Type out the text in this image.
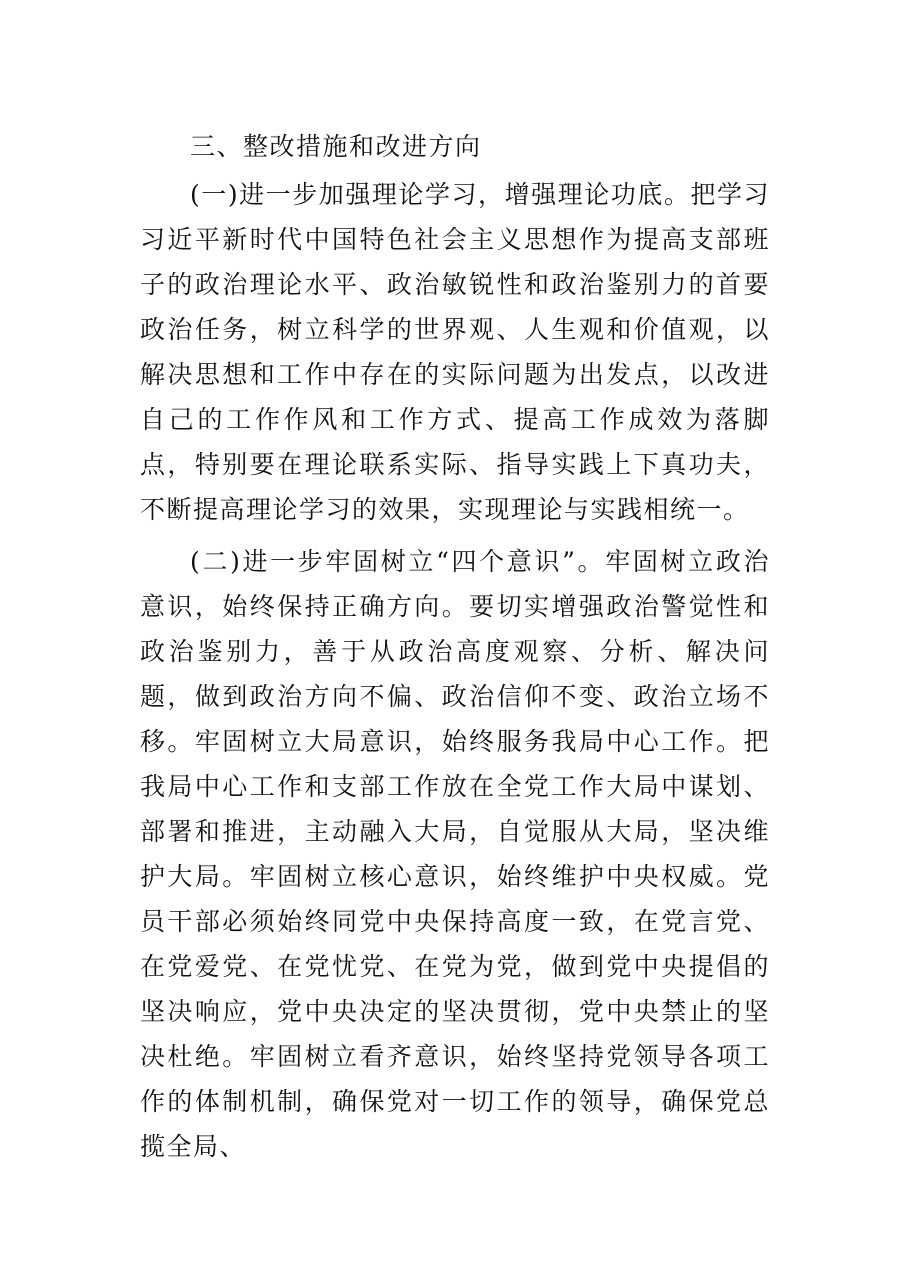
三、整改措施和改进方向

(一)进一步加强理论学习，增强理论功底。把学习习近平新时代中国特色社会主义思想作为提高支部班子的政治理论水平、政治敏锐性和政治鉴别力的首要政治任务，树立科学的世界观、人生观和价值观，以解决思想和工作中存在的实际问题为出发点，以改进自己的工作作风和工作方式、提高工作成效为落脚点，特别要在理论联系实际、指导实践上下真功夫，不断提高理论学习的效果，实现理论与实践相统一。

(二)进一步牢固树立“四个意识”。牢固树立政治意识，始终保持正确方向。要切实增强政治警觉性和政治鉴别力，善于从政治高度观察、分析、解决问题，做到政治方向不偏、政治信仰不变、政治立场不移。牢固树立大局意识，始终服务我局中心工作。把我局中心工作和支部工作放在全党工作大局中谋划、部署和推进，主动融入大局，自觉服从大局，坚决维护大局。牢固树立核心意识，始终维护中央权威。党员干部必须始终同党中央保持高度一致，在党言党、在党爱党、在党忧党、在党为党，做到党中央提倡的坚决响应，党中央决定的坚决贯彻，党中央禁止的坚决杜绝。牢固树立看齐意识，始终坚持党领导各项工作的体制机制，确保党对一切工作的领导，确保党总揽全局、
